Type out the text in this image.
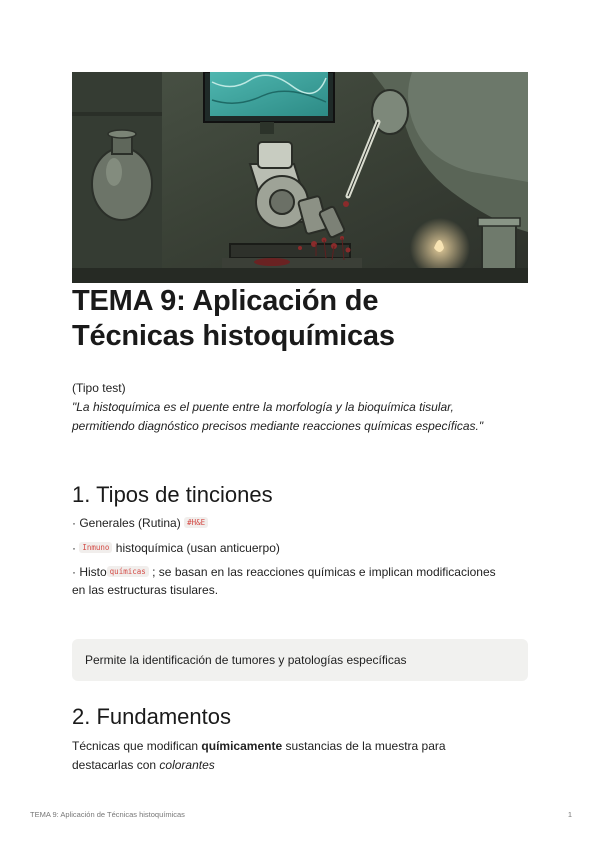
TEMA 9: Aplicación de
Técnicas histoquímicas

(Tipo test)

"La histoquímica es el puente entre la morfología y la bioquímica tisular,
permitiendo diagnóstico precisos mediante reacciones químicas específicas."

1. Tipos de tinciones

· Generales (Rutina) #H&E

· Inmuno histoquímica (usan anticuerpo)

· Histo químicas ; se basan en las reacciones químicas e implican modificaciones
en las estructuras tisulares.

Permite la identificación de tumores y patologías específicas
2. Fundamentos

Técnicas que modifican químicamente sustancias de la muestra para
destacarlas con colorantes

TEMA 9: Aplicación de Técnicas histoquímicas	1
